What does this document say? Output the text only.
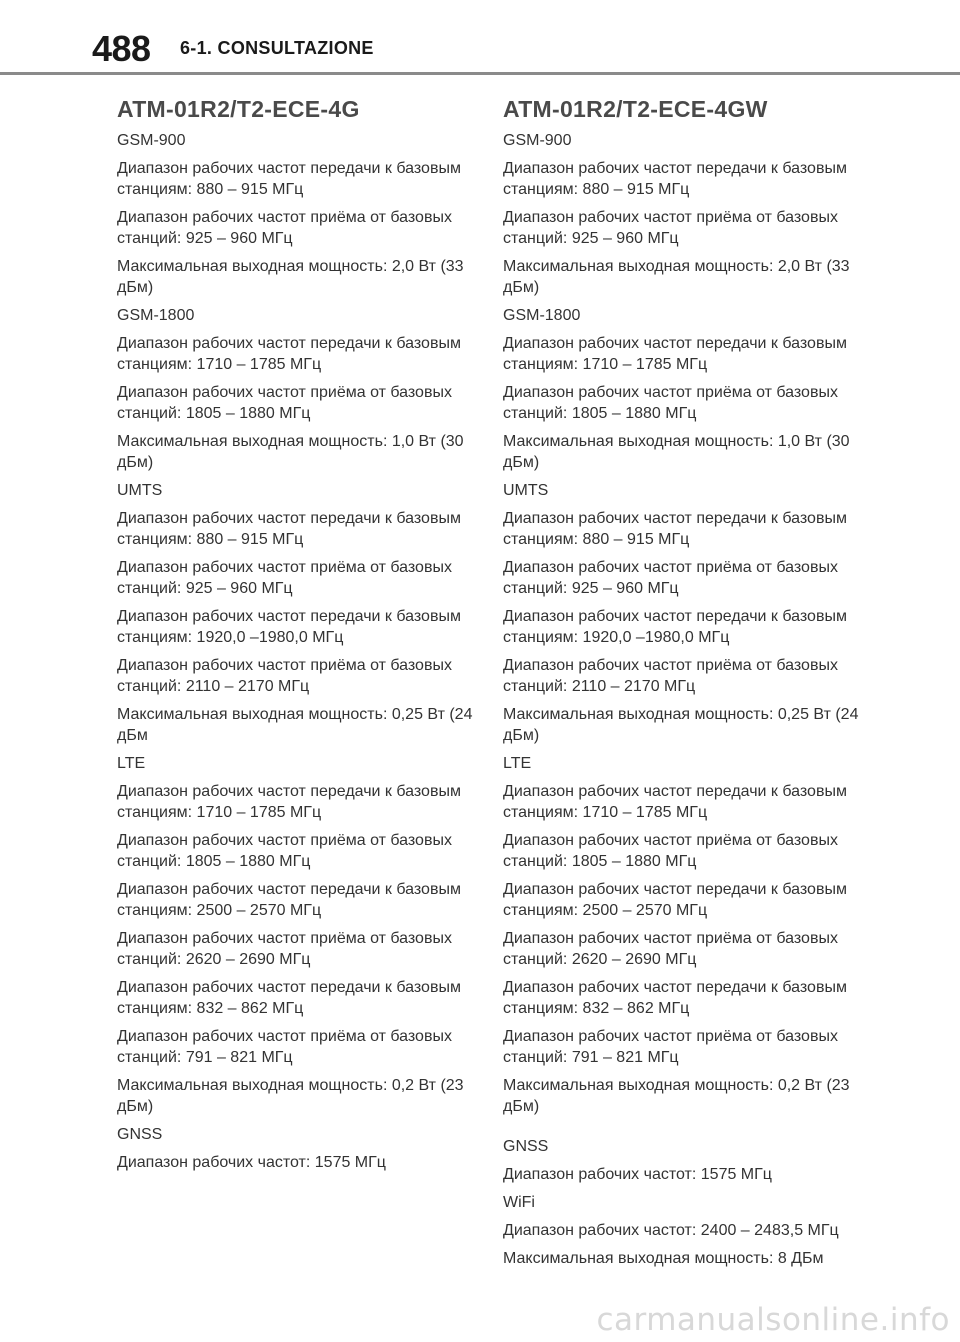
488 6-1. CONSULTAZIONE
ATM-01R2/T2-ECE-4G

GSM-900

Диапазон рабочих частот передачи к базовым станциям: 880 – 915 МГц

Диапазон рабочих частот приёма от базовых станций: 925 – 960 МГц

Максимальная выходная мощность: 2,0 Вт (33 дБм)

GSM-1800

Диапазон рабочих частот передачи к базовым станциям: 1710 – 1785 МГц

Диапазон рабочих частот приёма от базовых станций: 1805 – 1880 МГц

Максимальная выходная мощность: 1,0 Вт (30 дБм)

UMTS

Диапазон рабочих частот передачи к базовым станциям: 880 – 915 МГц

Диапазон рабочих частот приёма от базовых станций: 925 – 960 МГц

Диапазон рабочих частот передачи к базовым станциям: 1920,0 –1980,0 МГц

Диапазон рабочих частот приёма от базовых станций: 2110 – 2170 МГц

Максимальная выходная мощность: 0,25 Вт (24 дБм

LTE

Диапазон рабочих частот передачи к базовым станциям: 1710 – 1785 МГц

Диапазон рабочих частот приёма от базовых станций: 1805 – 1880 МГц

Диапазон рабочих частот передачи к базовым станциям: 2500 – 2570 МГц

Диапазон рабочих частот приёма от базовых станций: 2620 – 2690 МГц

Диапазон рабочих частот передачи к базовым станциям: 832 – 862 МГц

Диапазон рабочих частот приёма от базовых станций: 791 – 821 МГц

Максимальная выходная мощность: 0,2 Вт (23 дБм)

GNSS

Диапазон рабочих частот: 1575 МГц

ATM-01R2/T2-ECE-4GW

GSM-900

Диапазон рабочих частот передачи к базовым станциям: 880 – 915 МГц

Диапазон рабочих частот приёма от базовых станций: 925 – 960 МГц

Максимальная выходная мощность: 2,0 Вт (33 дБм)

GSM-1800

Диапазон рабочих частот передачи к базовым станциям: 1710 – 1785 МГц

Диапазон рабочих частот приёма от базовых станций: 1805 – 1880 МГц

Максимальная выходная мощность: 1,0 Вт (30 дБм)

UMTS

Диапазон рабочих частот передачи к базовым станциям: 880 – 915 МГц

Диапазон рабочих частот приёма от базовых станций: 925 – 960 МГц

Диапазон рабочих частот передачи к базовым станциям: 1920,0 –1980,0 МГц

Диапазон рабочих частот приёма от базовых станций: 2110 – 2170 МГц

Максимальная выходная мощность: 0,25 Вт (24 дБм)

LTE

Диапазон рабочих частот передачи к базовым станциям: 1710 – 1785 МГц

Диапазон рабочих частот приёма от базовых станций: 1805 – 1880 МГц

Диапазон рабочих частот передачи к базовым станциям: 2500 – 2570 МГц

Диапазон рабочих частот приёма от базовых станций: 2620 – 2690 МГц

Диапазон рабочих частот передачи к базовым станциям: 832 – 862 МГц

Диапазон рабочих частот приёма от базовых станций: 791 – 821 МГц

Максимальная выходная мощность: 0,2 Вт (23 дБм)

GNSS

Диапазон рабочих частот: 1575 МГц

WiFi

Диапазон рабочих частот: 2400 – 2483,5 МГц

Максимальная выходная мощность: 8 ДБм

carmanualsonline.info
